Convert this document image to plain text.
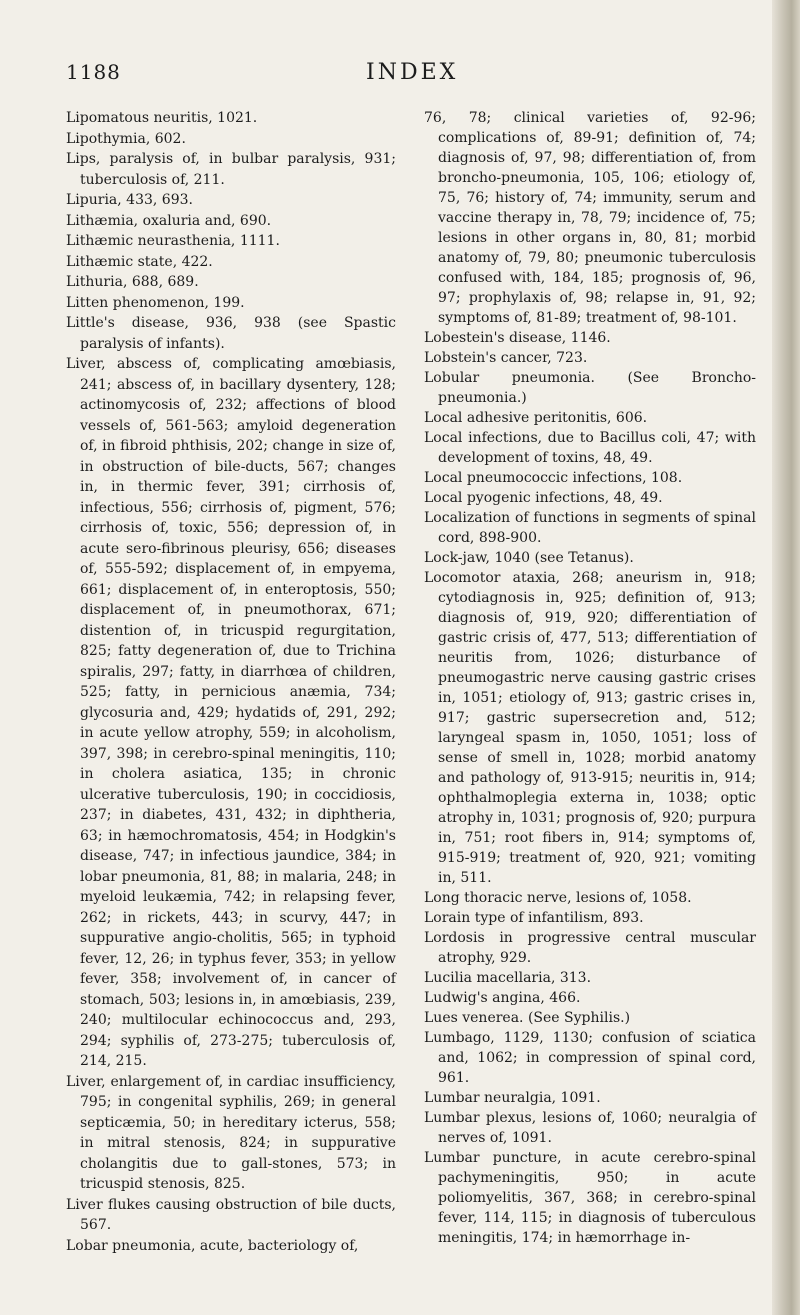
1188	INDEX

Lipomatous neuritis, 1021.

Lipothymia, 602.

Lips, paralysis of, in bulbar paralysis, 931; tuberculosis of, 211.

Lipuria, 433, 693.

Lithæmia, oxaluria and, 690.

Lithæmic neurasthenia, 1111.

Lithæmic state, 422.

Lithuria, 688, 689.

Litten phenomenon, 199.

Little's disease, 936, 938 (see Spastic paralysis of infants).

Liver, abscess of, complicating amœbiasis, 241; abscess of, in bacillary dysentery, 128; actinomycosis of, 232; affections of blood vessels of, 561-563; amyloid degeneration of, in fibroid phthisis, 202; change in size of, in obstruction of bile-ducts, 567; changes in, in thermic fever, 391; cirrhosis of, infectious, 556; cirrhosis of, pigment, 576; cirrhosis of, toxic, 556; depression of, in acute sero-fibrinous pleurisy, 656; diseases of, 555-592; displacement of, in empyema, 661; displacement of, in enteroptosis, 550; displacement of, in pneumothorax, 671; distention of, in tricuspid regurgitation, 825; fatty degeneration of, due to Trichina spiralis, 297; fatty, in diarrhœa of children, 525; fatty, in pernicious anæmia, 734; glycosuria and, 429; hydatids of, 291, 292; in acute yellow atrophy, 559; in alcoholism, 397, 398; in cerebro-spinal meningitis, 110; in cholera asiatica, 135; in chronic ulcerative tuberculosis, 190; in coccidiosis, 237; in diabetes, 431, 432; in diphtheria, 63; in hæmochromatosis, 454; in Hodgkin's disease, 747; in infectious jaundice, 384; in lobar pneumonia, 81, 88; in malaria, 248; in myeloid leukæmia, 742; in relapsing fever, 262; in rickets, 443; in scurvy, 447; in suppurative angio-cholitis, 565; in typhoid fever, 12, 26; in typhus fever, 353; in yellow fever, 358; involvement of, in cancer of stomach, 503; lesions in, in amœbiasis, 239, 240; multilocular echinococcus and, 293, 294; syphilis of, 273-275; tuberculosis of, 214, 215.

Liver, enlargement of, in cardiac insufficiency, 795; in congenital syphilis, 269; in general septicæmia, 50; in hereditary icterus, 558; in mitral stenosis, 824; in suppurative cholangitis due to gall-stones, 573; in tricuspid stenosis, 825.

Liver flukes causing obstruction of bile ducts, 567.

Lobar pneumonia, acute, bacteriology of,

76, 78; clinical varieties of, 92-96; complications of, 89-91; definition of, 74; diagnosis of, 97, 98; differentiation of, from broncho-pneumonia, 105, 106; etiology of, 75, 76; history of, 74; immunity, serum and vaccine therapy in, 78, 79; incidence of, 75; lesions in other organs in, 80, 81; morbid anatomy of, 79, 80; pneumonic tuberculosis confused with, 184, 185; prognosis of, 96, 97; prophylaxis of, 98; relapse in, 91, 92; symptoms of, 81-89; treatment of, 98-101.

Lobestein's disease, 1146.

Lobstein's cancer, 723.

Lobular pneumonia. (See Broncho-pneumonia.)

Local adhesive peritonitis, 606.

Local infections, due to Bacillus coli, 47; with development of toxins, 48, 49.

Local pneumococcic infections, 108.

Local pyogenic infections, 48, 49.

Localization of functions in segments of spinal cord, 898-900.

Lock-jaw, 1040 (see Tetanus).

Locomotor ataxia, 268; aneurism in, 918; cytodiagnosis in, 925; definition of, 913; diagnosis of, 919, 920; differentiation of gastric crisis of, 477, 513; differentiation of neuritis from, 1026; disturbance of pneumogastric nerve causing gastric crises in, 1051; etiology of, 913; gastric crises in, 917; gastric supersecretion and, 512; laryngeal spasm in, 1050, 1051; loss of sense of smell in, 1028; morbid anatomy and pathology of, 913-915; neuritis in, 914; ophthalmoplegia externa in, 1038; optic atrophy in, 1031; prognosis of, 920; purpura in, 751; root fibers in, 914; symptoms of, 915-919; treatment of, 920, 921; vomiting in, 511.

Long thoracic nerve, lesions of, 1058.

Lorain type of infantilism, 893.

Lordosis in progressive central muscular atrophy, 929.

Lucilia macellaria, 313.

Ludwig's angina, 466.

Lues venerea. (See Syphilis.)

Lumbago, 1129, 1130; confusion of sciatica and, 1062; in compression of spinal cord, 961.

Lumbar neuralgia, 1091.

Lumbar plexus, lesions of, 1060; neuralgia of nerves of, 1091.

Lumbar puncture, in acute cerebro-spinal pachymeningitis, 950; in acute poliomyelitis, 367, 368; in cerebro-spinal fever, 114, 115; in diagnosis of tuberculous meningitis, 174; in hæmorrhage in-
